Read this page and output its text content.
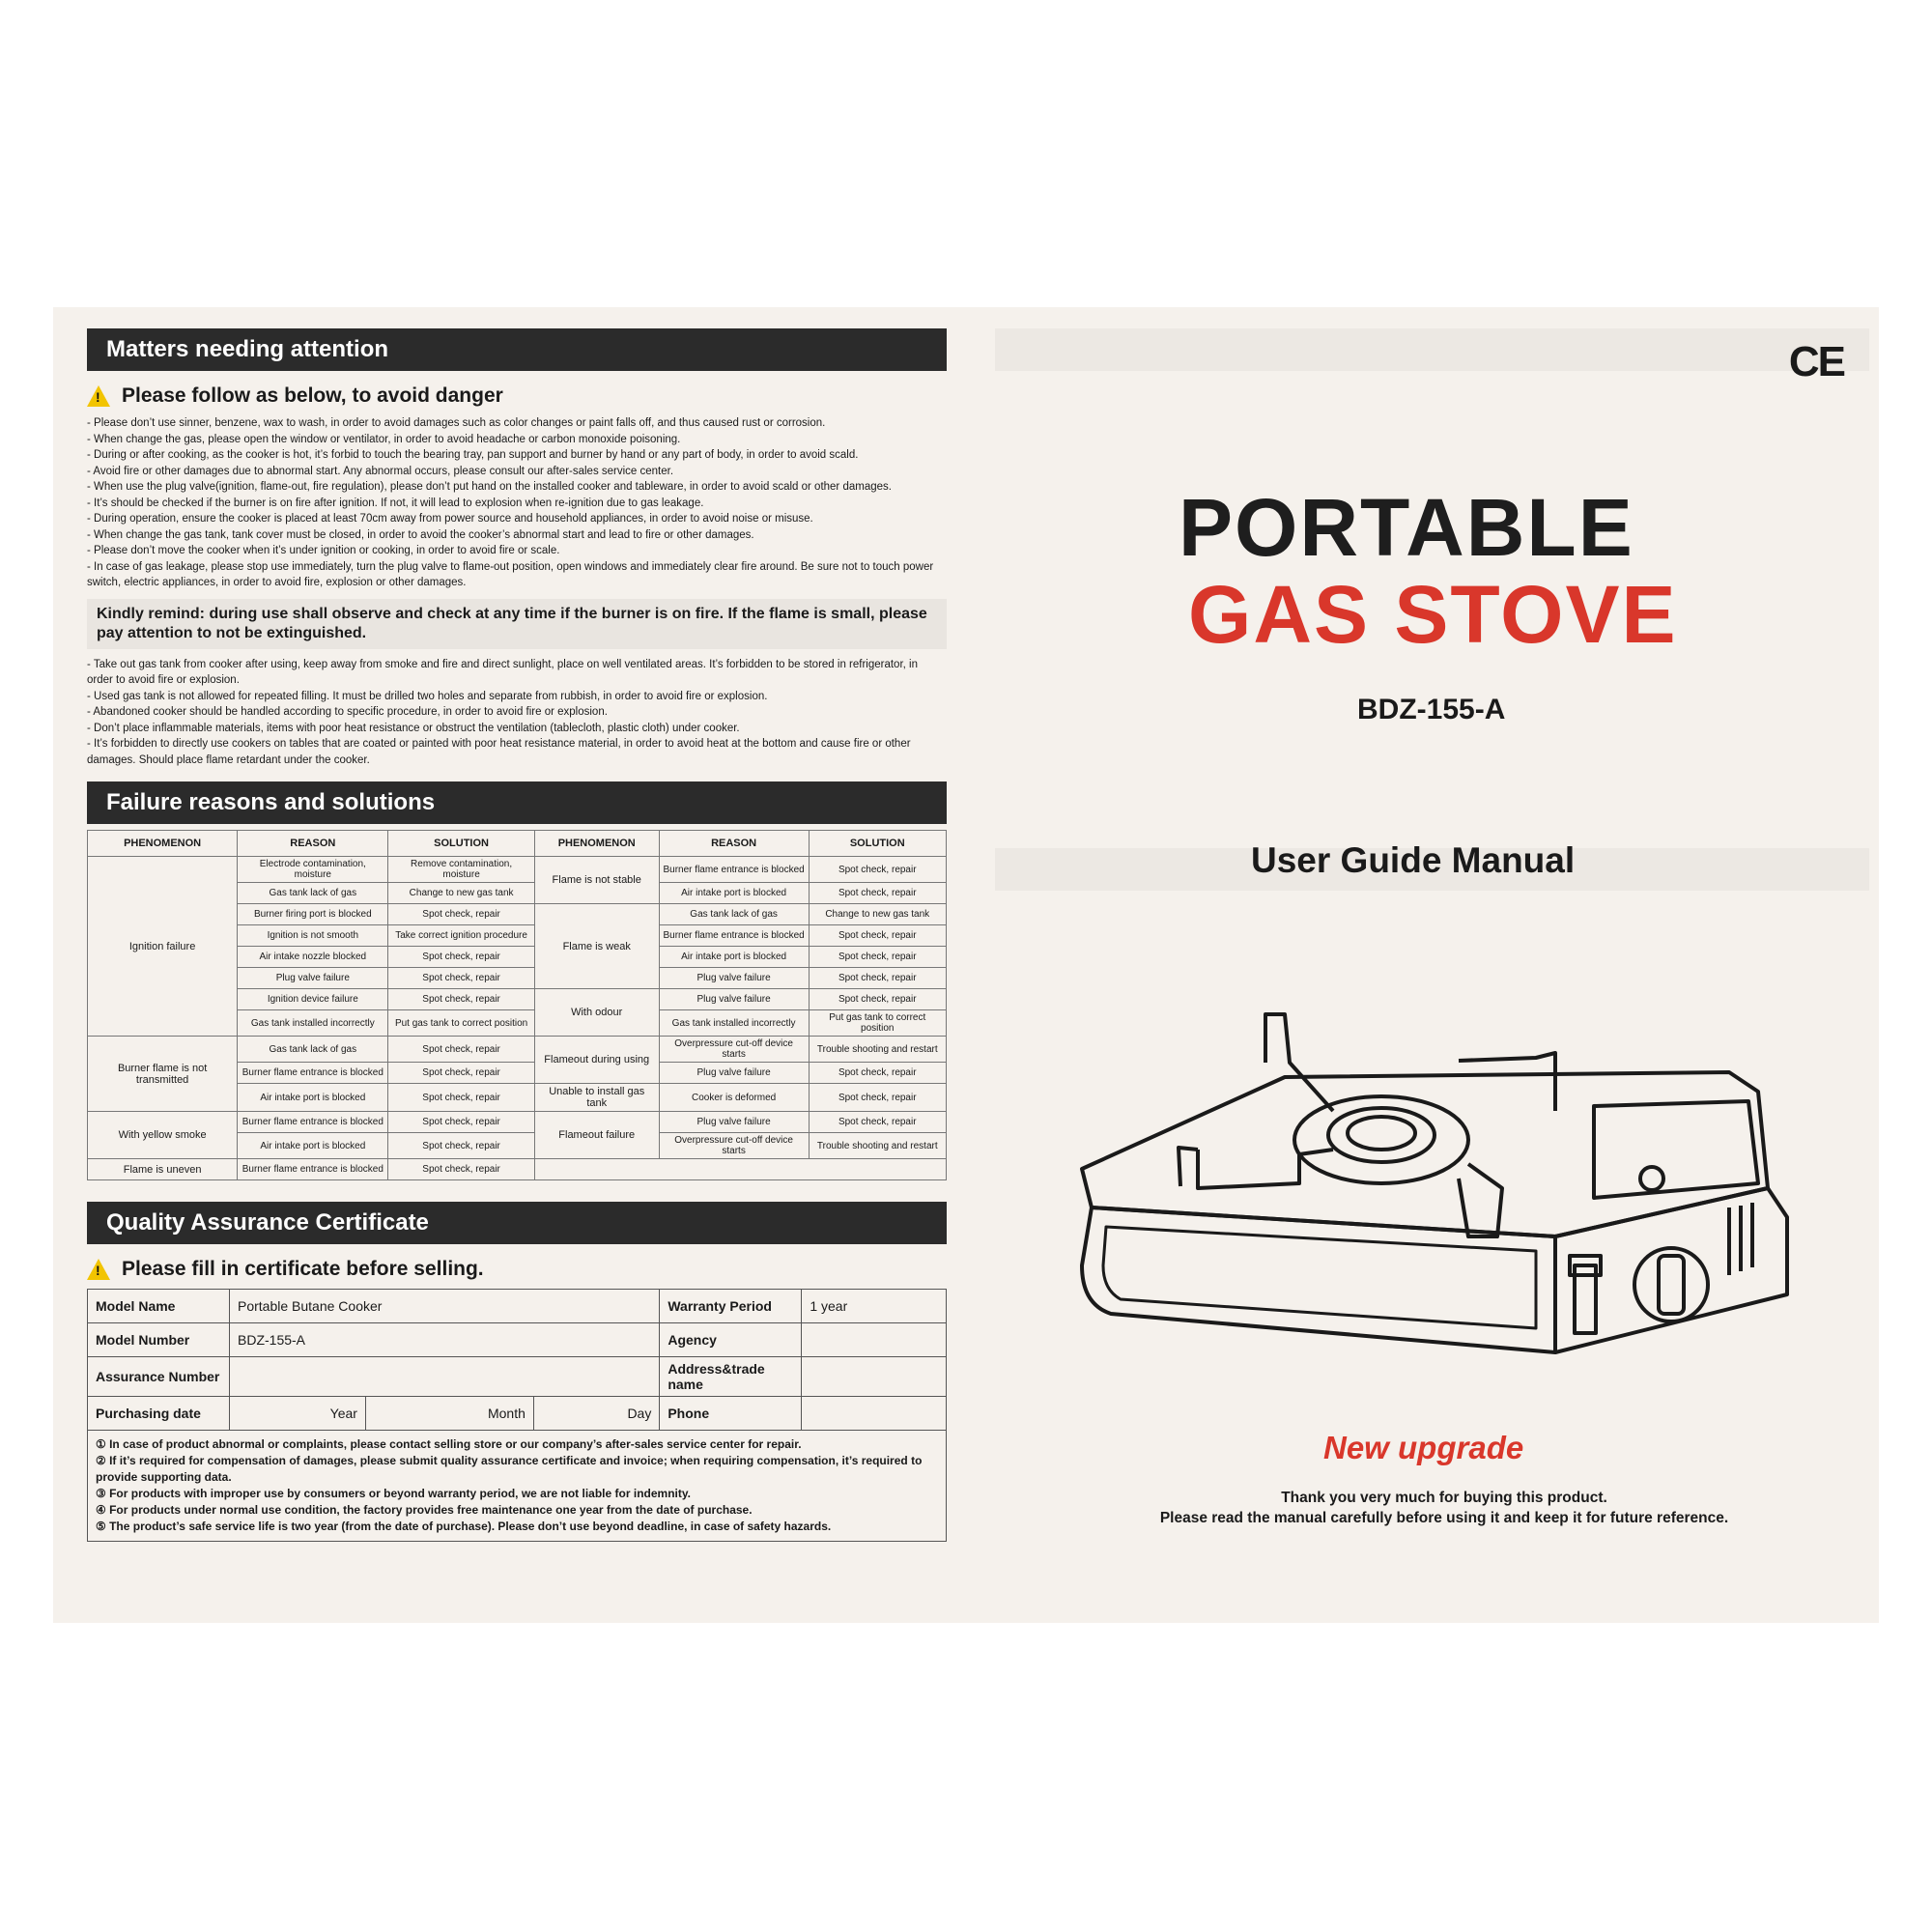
Matters needing attention
! Please follow as below, to avoid danger
- Please don’t use sinner, benzene, wax to wash, in order to avoid damages such as color changes or paint falls off, and thus caused rust or corrosion.
- When change the gas, please open the window or ventilator, in order to avoid headache or carbon monoxide poisoning.
- During or after cooking, as the cooker is hot, it’s forbid to touch the bearing tray, pan support and burner by hand or any part of body, in order to avoid scald.
- Avoid fire or other damages due to abnormal start. Any abnormal occurs, please consult our after-sales service center.
- When use the plug valve(ignition, flame-out, fire regulation), please don’t put hand on the installed cooker and tableware, in order to avoid scald or other damages.
- It’s should be checked if the burner is on fire after ignition. If not, it will lead to explosion when re-ignition due to gas leakage.
- During operation, ensure the cooker is placed at least 70cm away from power source and household appliances, in order to avoid noise or misuse.
- When change the gas tank, tank cover must be closed, in order to avoid the cooker’s abnormal start and lead to fire or other damages.
- Please don’t move the cooker when it’s under ignition or cooking, in order to avoid fire or scale.
- In case of gas leakage, please stop use immediately, turn the plug valve to flame-out position, open windows and immediately clear fire around. Be sure not to touch power switch, electric appliances, in order to avoid fire, explosion or other damages.
Kindly remind: during use shall observe and check at any time if the burner is on fire. If the flame is small, please pay attention to not be extinguished.
- Take out gas tank from cooker after using, keep away from smoke and fire and direct sunlight, place on well ventilated areas. It’s forbidden to be stored in refrigerator, in order to avoid fire or explosion.
- Used gas tank is not allowed for repeated filling. It must be drilled two holes and separate from rubbish, in order to avoid fire or explosion.
- Abandoned cooker should be handled according to specific procedure, in order to avoid fire or explosion.
- Don’t place inflammable materials, items with poor heat resistance or obstruct the ventilation (tablecloth, plastic cloth) under cooker.
- It’s forbidden to directly use cookers on tables that are coated or painted with poor heat resistance material, in order to avoid heat at the bottom and cause fire or other damages. Should place flame retardant under the cooker.
Failure reasons and solutions
PHENOMENON	REASON	SOLUTION	PHENOMENON	REASON	SOLUTION
Ignition failure	Electrode contamination, moisture	Remove contamination, moisture	Flame is not stable	Burner flame entrance is blocked	Spot check, repair
	Gas tank lack of gas	Change to new gas tank		Air intake port is blocked	Spot check, repair
	Burner firing port is blocked	Spot check, repair	Flame is weak	Gas tank lack of gas	Change to new gas tank
	Ignition is not smooth	Take correct ignition procedure		Burner flame entrance is blocked	Spot check, repair
	Air intake nozzle blocked	Spot check, repair		Air intake port is blocked	Spot check, repair
	Plug valve failure	Spot check, repair		Plug valve failure	Spot check, repair
	Ignition device failure	Spot check, repair	With odour	Plug valve failure	Spot check, repair
	Gas tank installed incorrectly	Put gas tank to correct position		Gas tank installed incorrectly	Put gas tank to correct position
Burner flame is not transmitted	Gas tank lack of gas	Spot check, repair	Flameout during using	Overpressure cut-off device starts	Trouble shooting and restart
	Burner flame entrance is blocked	Spot check, repair		Plug valve failure	Spot check, repair
	Air intake port is blocked	Spot check, repair	Unable to install gas tank	Cooker is deformed	Spot check, repair
With yellow smoke	Burner flame entrance is blocked	Spot check, repair	Flameout failure	Plug valve failure	Spot check, repair
	Air intake port is blocked	Spot check, repair		Overpressure cut-off device starts	Trouble shooting and restart
Flame is uneven	Burner flame entrance is blocked	Spot check, repair			
Quality Assurance Certificate
! Please fill in certificate before selling.
Model Name	Portable Butane Cooker			Warranty Period	1 year
Model Number	BDZ-155-A			Agency	
Assurance Number				Address&trade name	
Purchasing date	Year	Month	Day	Phone	
① In case of product abnormal or complaints, please contact selling store or our company’s after-sales service center for repair.
② If it’s required for compensation of damages, please submit quality assurance certificate and invoice; when requiring compensation, it’s required to provide supporting data.
③ For products with improper use by consumers or beyond warranty period, we are not liable for indemnity.
④ For products under normal use condition, the factory provides free maintenance one year from the date of purchase.
⑤ The product’s safe service life is two year (from the date of purchase). Please don’t use beyond deadline, in case of safety hazards.
CE
PORTABLE
GAS STOVE
BDZ-155-A
User Guide Manual
New upgrade
Thank you very much for buying this product.
Please read the manual carefully before using it and keep it for future reference.
